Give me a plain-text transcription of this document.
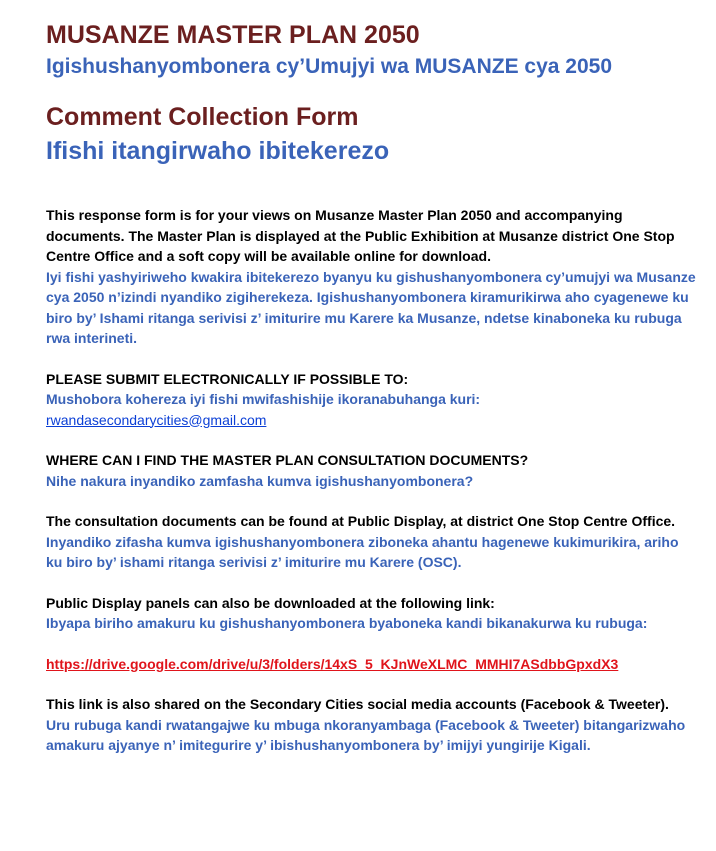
MUSANZE MASTER PLAN 2050
Igishushanyombonera cy’Umujyi wa MUSANZE cya 2050
Comment Collection Form
Ifishi itangirwaho ibitekerezo

This response form is for your views on Musanze Master Plan 2050 and accompanying documents. The Master Plan is displayed at the Public Exhibition at Musanze district One Stop Centre Office and a soft copy will be available online for download.

Iyi fishi yashyiriweho kwakira ibitekerezo byanyu ku gishushanyombonera cy’umujyi wa Musanze cya 2050 n’izindi nyandiko zigiherekeza. Igishushanyombonera kiramurikirwa aho cyagenewe ku biro by’ Ishami ritanga serivisi z’ imiturire mu Karere ka Musanze, ndetse kinaboneka ku rubuga rwa interineti.

PLEASE SUBMIT ELECTRONICALLY IF POSSIBLE TO:

Mushobora kohereza iyi fishi mwifashishije ikoranabuhanga kuri:

rwandasecondarycities@gmail.com

WHERE CAN I FIND THE MASTER PLAN CONSULTATION DOCUMENTS?

Nihe nakura inyandiko zamfasha kumva igishushanyombonera?

The consultation documents can be found at Public Display, at district One Stop Centre Office.

Inyandiko zifasha kumva igishushanyombonera ziboneka ahantu hagenewe kukimurikira, ariho ku biro by’ ishami ritanga serivisi z’ imiturire mu Karere (OSC).

Public Display panels can also be downloaded at the following link:

Ibyapa biriho amakuru ku gishushanyombonera byaboneka kandi bikanakurwa ku rubuga:

https://drive.google.com/drive/u/3/folders/14xS_5_KJnWeXLMC_MMHI7ASdbbGpxdX3

This link is also shared on the Secondary Cities social media accounts (Facebook & Tweeter).

Uru rubuga kandi rwatangajwe ku mbuga nkoranyambaga (Facebook & Tweeter) bitangarizwaho amakuru ajyanye n’ imitegurire y’ ibishushanyombonera by’ imijyi yungirije Kigali.
